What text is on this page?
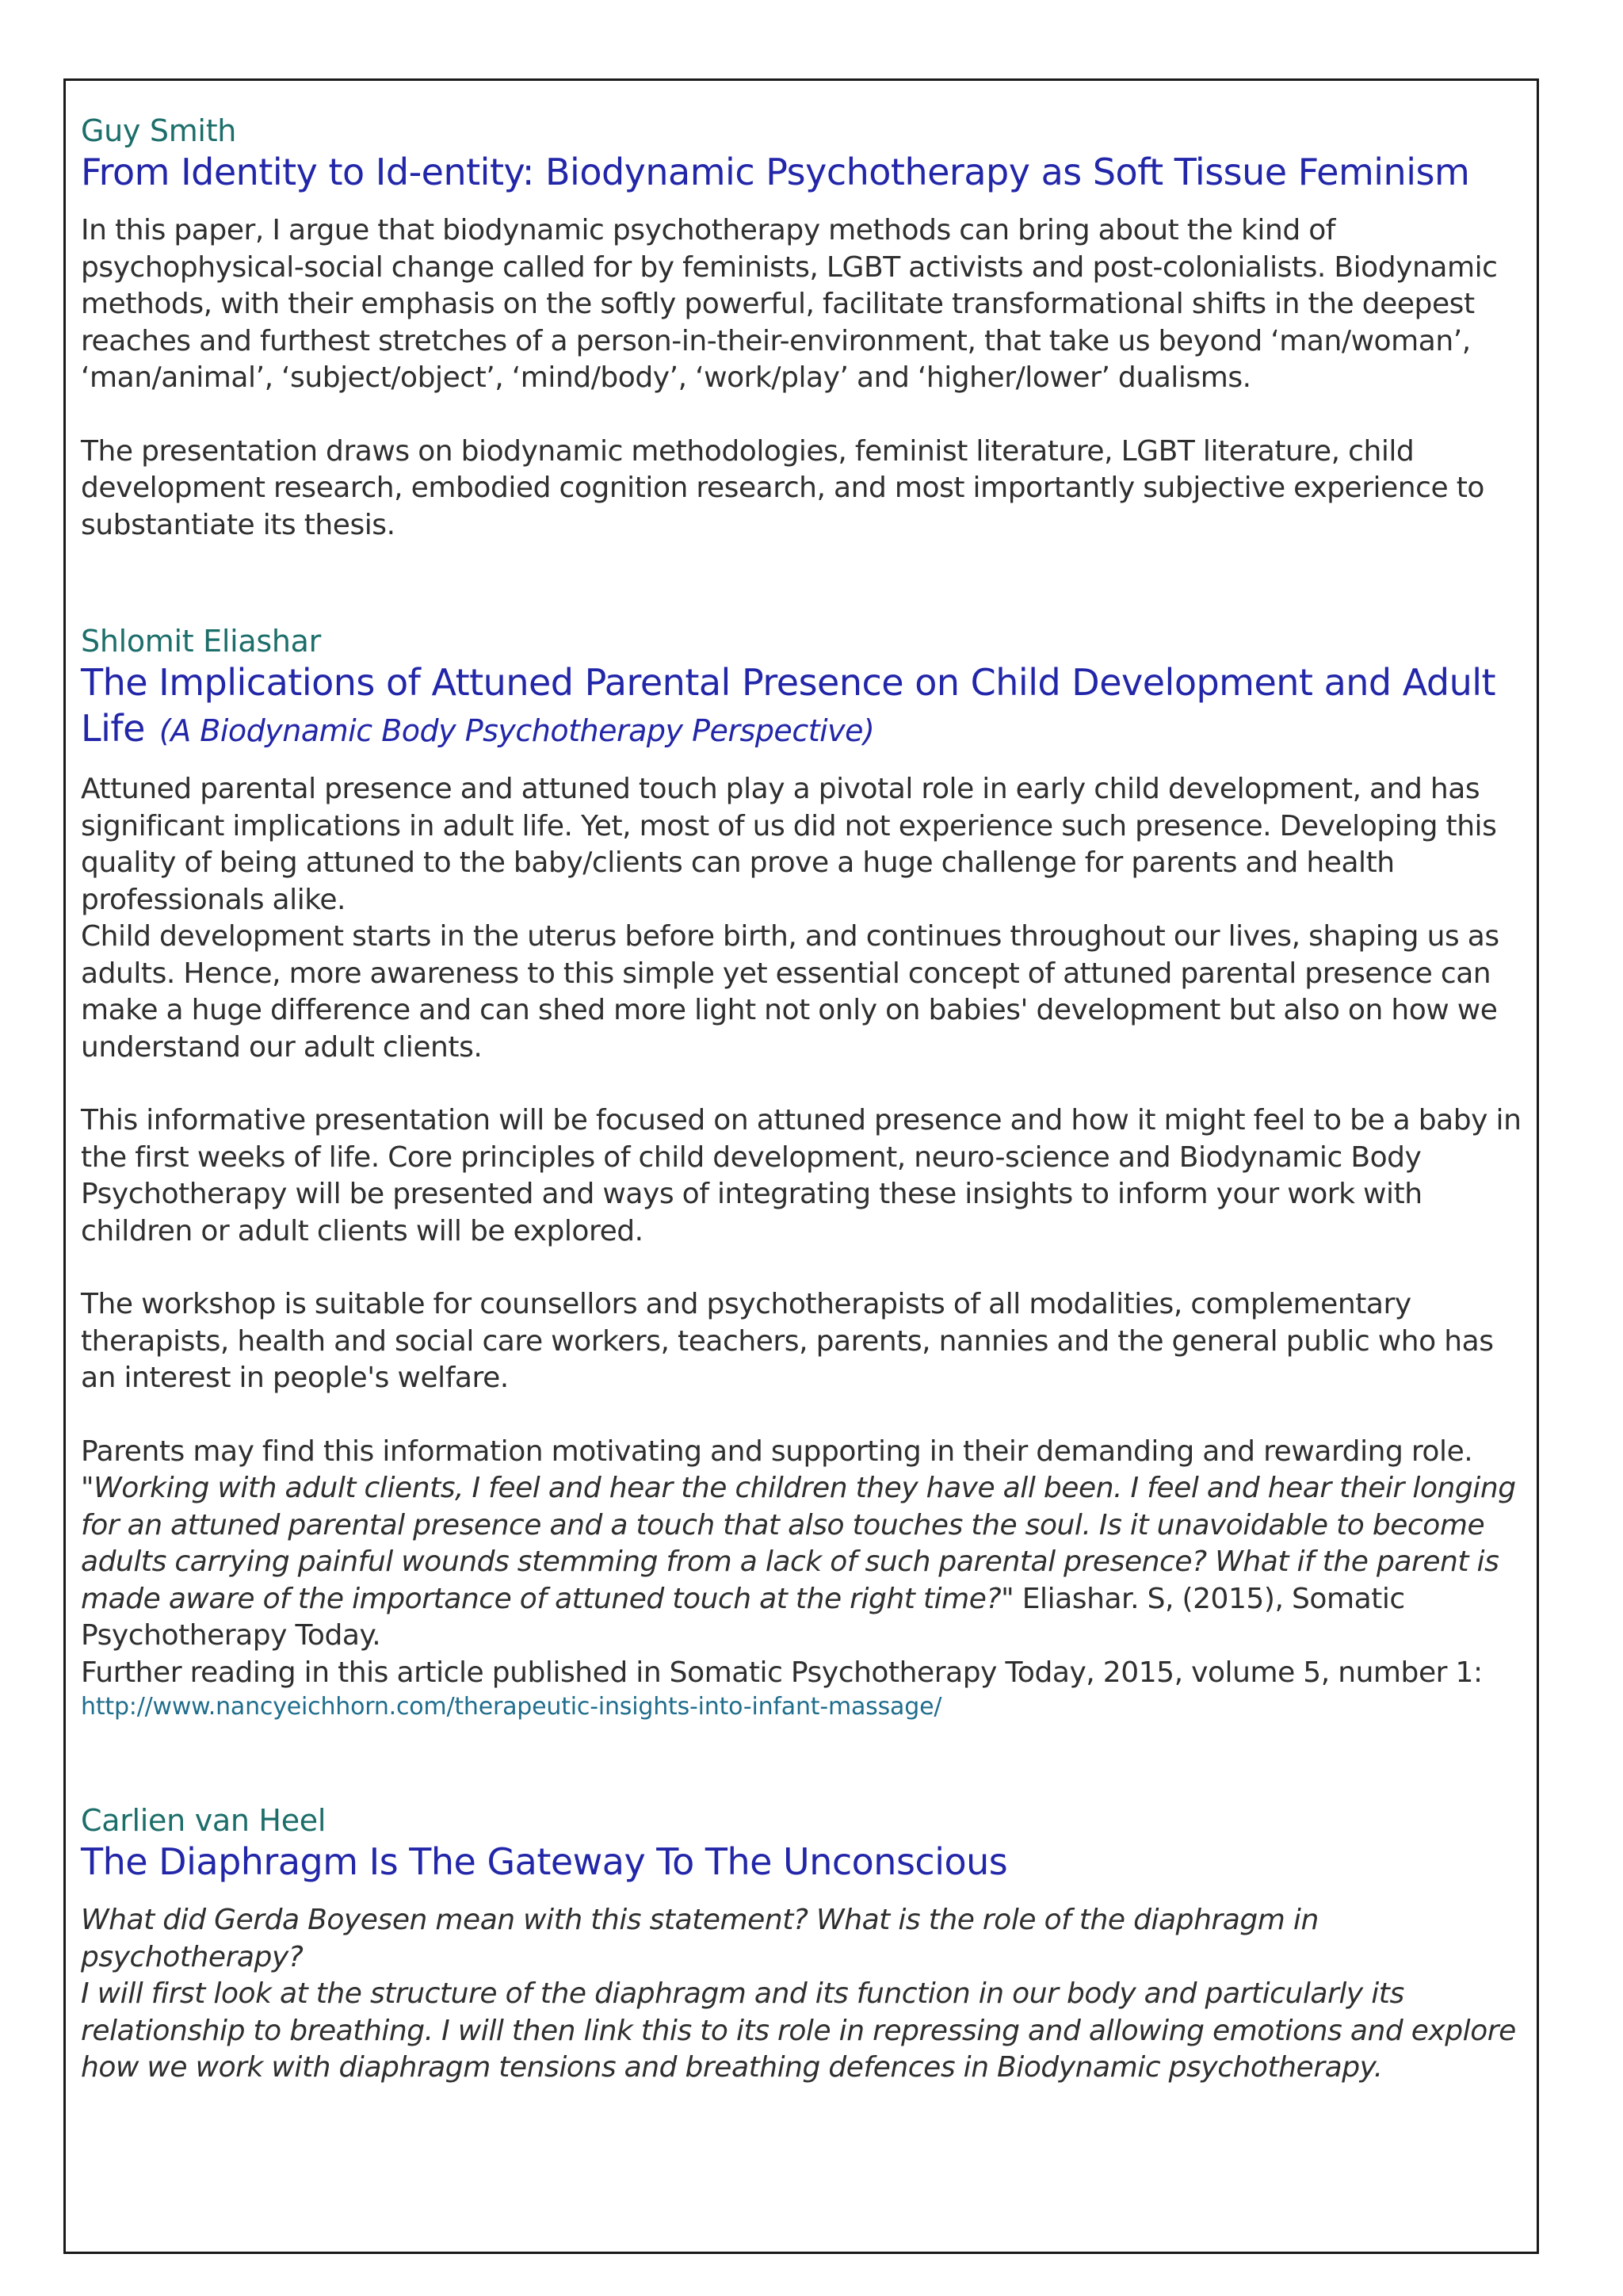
Guy Smith
From Identity to Id-entity: Biodynamic Psychotherapy as Soft Tissue Feminism

In this paper, I argue that biodynamic psychotherapy methods can bring about the kind of psychophysical-social change called for by feminists, LGBT activists and post-colonialists. Biodynamic methods, with their emphasis on the softly powerful, facilitate transformational shifts in the deepest reaches and furthest stretches of a person-in-their-environment, that take us beyond ‘man/woman’, ‘man/animal’, ‘subject/object’, ‘mind/body’, ‘work/play’ and ‘higher/lower’ dualisms.

The presentation draws on biodynamic methodologies, feminist literature, LGBT literature, child development research, embodied cognition research, and most importantly subjective experience to substantiate its thesis.

Shlomit Eliashar
The Implications of Attuned Parental Presence on Child Development and Adult Life (A Biodynamic Body Psychotherapy Perspective)

Attuned parental presence and attuned touch play a pivotal role in early child development, and has significant implications in adult life. Yet, most of us did not experience such presence. Developing this quality of being attuned to the baby/clients can prove a huge challenge for parents and health professionals alike.

Child development starts in the uterus before birth, and continues throughout our lives, shaping us as adults. Hence, more awareness to this simple yet essential concept of attuned parental presence can make a huge difference and can shed more light not only on babies' development but also on how we understand our adult clients.

This informative presentation will be focused on attuned presence and how it might feel to be a baby in the first weeks of life. Core principles of child development, neuro-science and Biodynamic Body Psychotherapy will be presented and ways of integrating these insights to inform your work with children or adult clients will be explored.

The workshop is suitable for counsellors and psychotherapists of all modalities, complementary therapists, health and social care workers, teachers, parents, nannies and the general public who has an interest in people's welfare.

Parents may find this information motivating and supporting in their demanding and rewarding role.

"Working with adult clients, I feel and hear the children they have all been. I feel and hear their longing for an attuned parental presence and a touch that also touches the soul. Is it unavoidable to become adults carrying painful wounds stemming from a lack of such parental presence? What if the parent is made aware of the importance of attuned touch at the right time?" Eliashar. S, (2015), Somatic Psychotherapy Today.

Further reading in this article published in Somatic Psychotherapy Today, 2015, volume 5, number 1:

http://www.nancyeichhorn.com/therapeutic-insights-into-infant-massage/
Carlien van Heel
The Diaphragm Is The Gateway To The Unconscious

What did Gerda Boyesen mean with this statement? What is the role of the diaphragm in psychotherapy?

I will first look at the structure of the diaphragm and its function in our body and particularly its relationship to breathing. I will then link this to its role in repressing and allowing emotions and explore how we work with diaphragm tensions and breathing defences in Biodynamic psychotherapy.
